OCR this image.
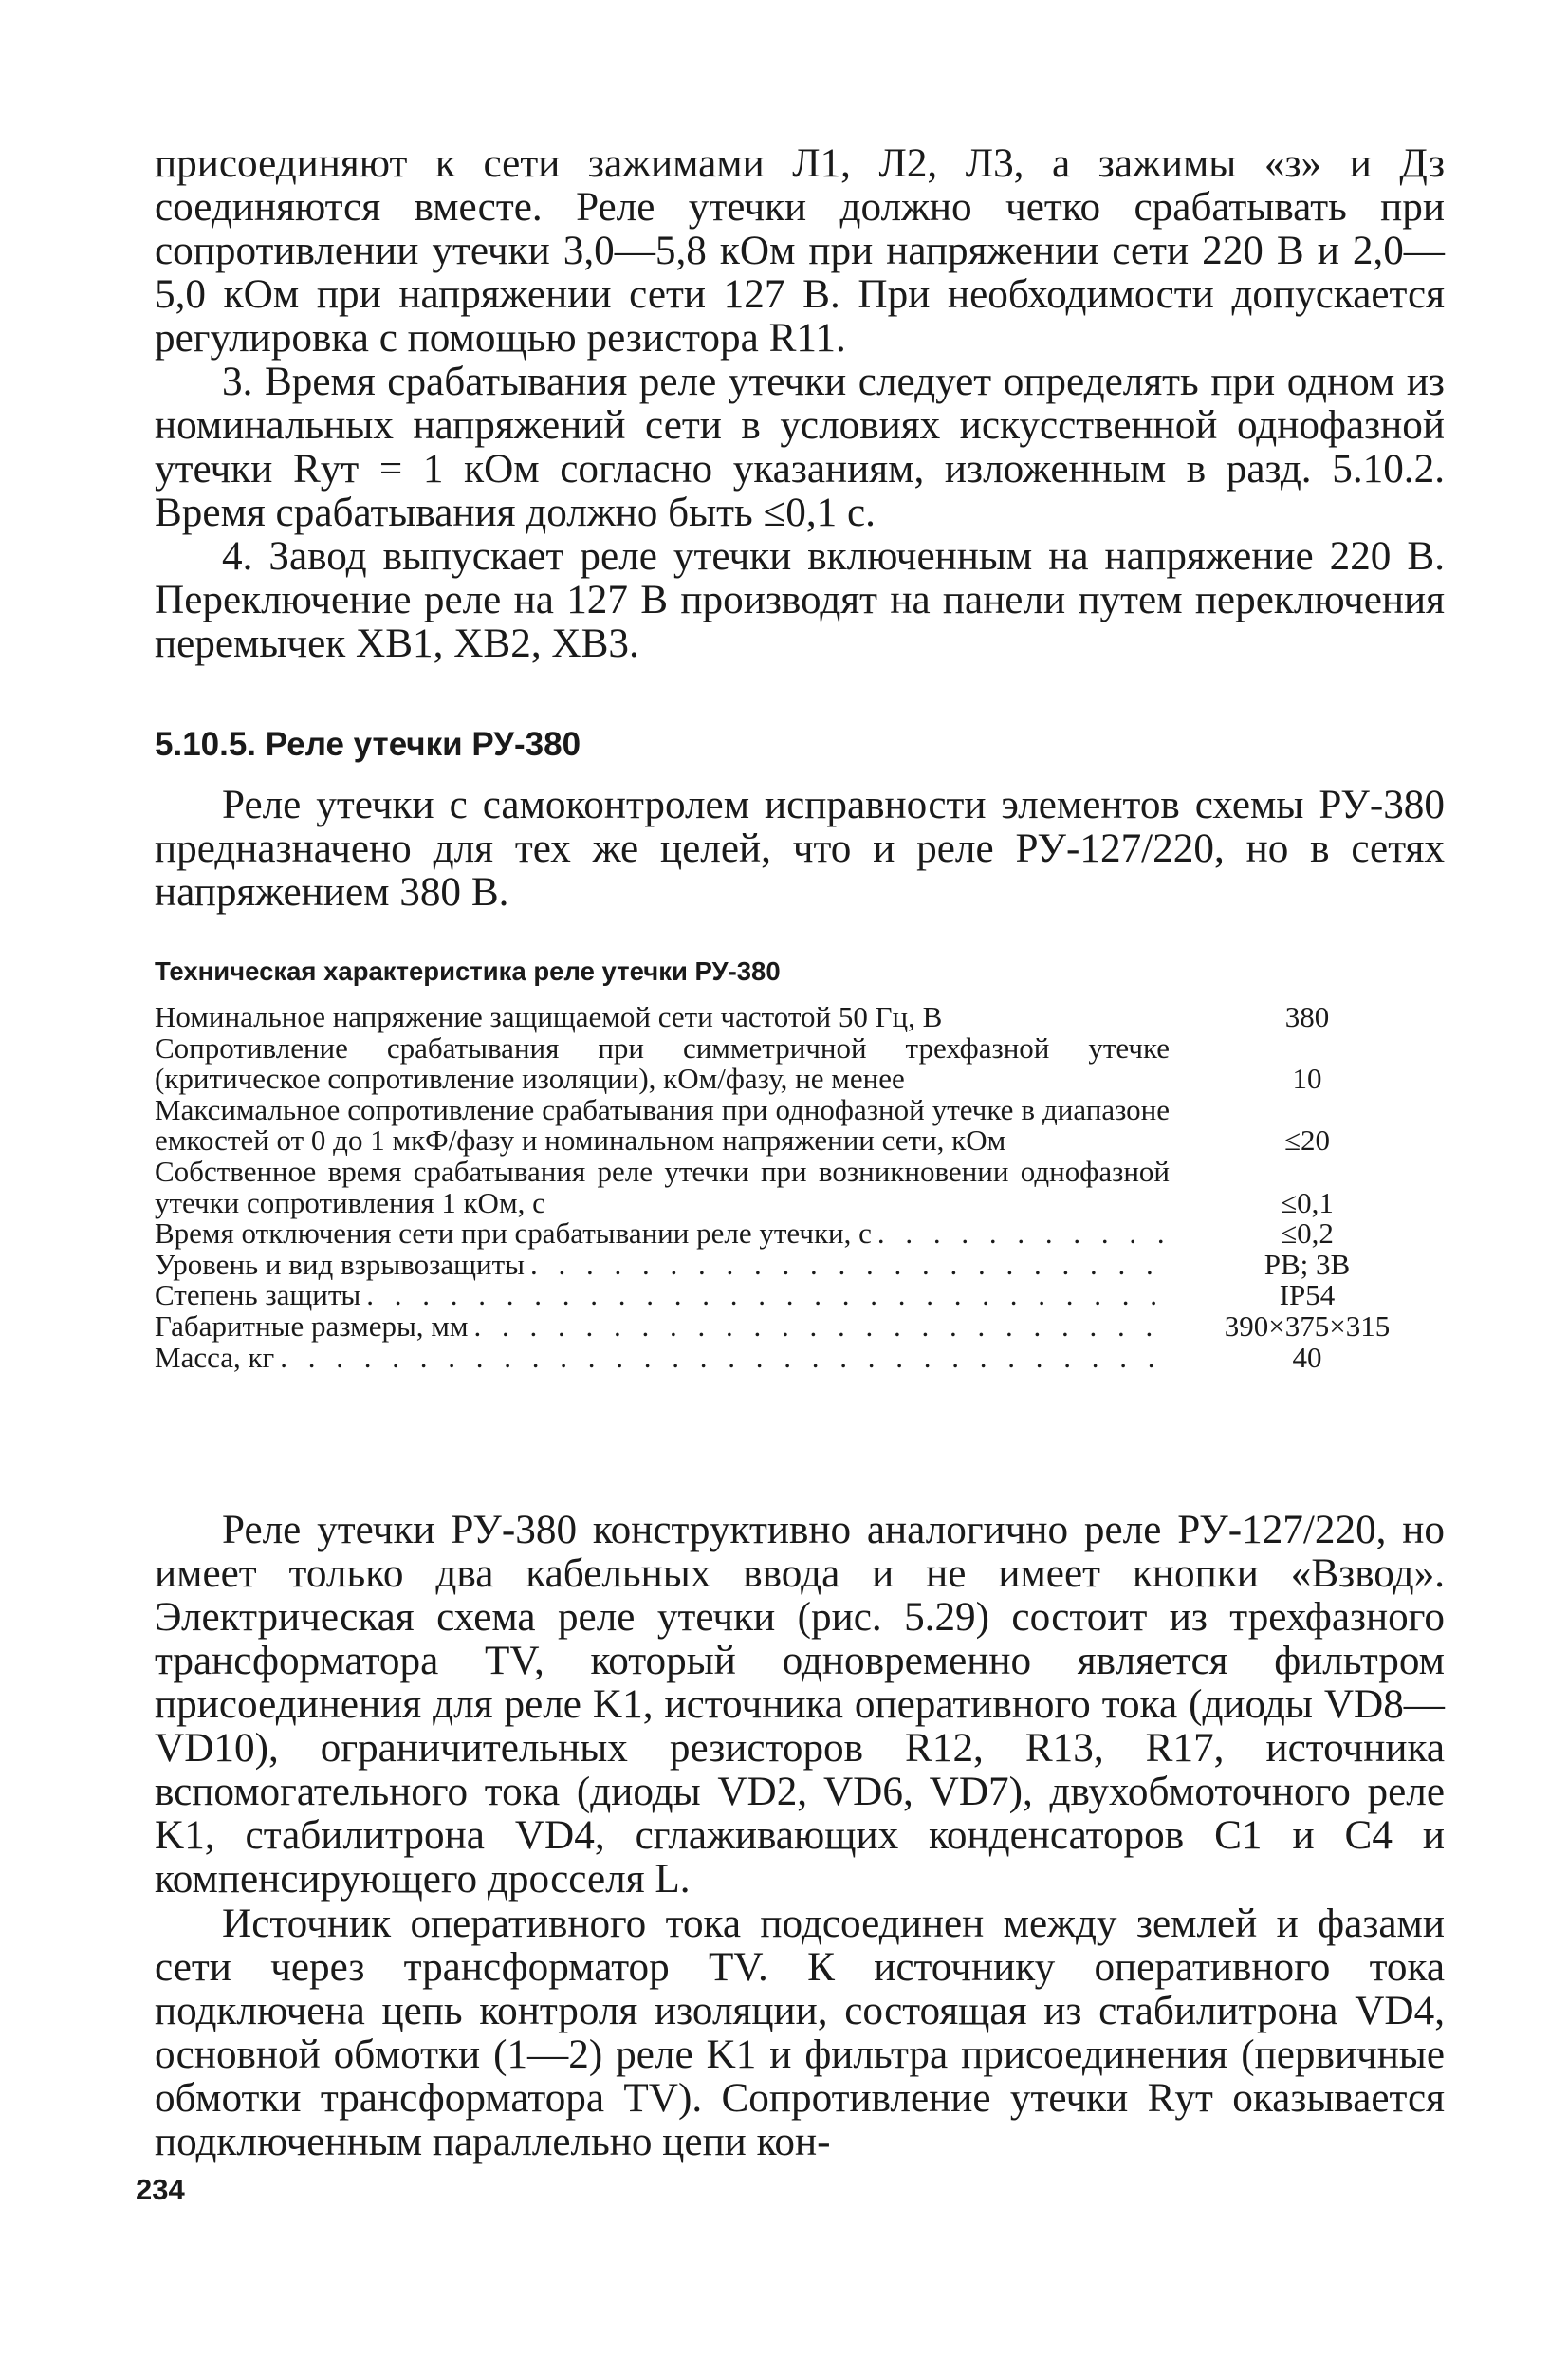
присоединяют к сети зажимами Л1, Л2, Л3, а зажимы «з» и Дз соединяются вместе. Реле утечки должно четко срабатывать при сопротивлении утечки 3,0—5,8 кОм при напряжении сети 220 В и 2,0—5,0 кОм при напряжении сети 127 В. При необходимости допускается регулировка с помощью резистора R11.

3. Время срабатывания реле утечки следует определять при одном из номинальных напряжений сети в условиях искусственной однофазной утечки Rут = 1 кОм согласно указаниям, изложенным в разд. 5.10.2. Время срабатывания должно быть ≤0,1 с.

4. Завод выпускает реле утечки включенным на напряжение 220 В. Переключение реле на 127 В производят на панели путем переключения перемычек XB1, XB2, XB3.

5.10.5. Реле утечки РУ-380

Реле утечки с самоконтролем исправности элементов схемы РУ-380 предназначено для тех же целей, что и реле РУ-127/220, но в сетях напряжением 380 В.

Техническая характеристика реле утечки РУ-380
Номинальное напряжение защищаемой сети частотой 50 Гц, В	380
Сопротивление срабатывания при симметричной трехфазной утечке (критическое сопротивление изоляции), кОм/фазу, не менее	10
Максимальное сопротивление срабатывания при однофазной утечке в диапазоне емкостей от 0 до 1 мкФ/фазу и номинальном напряжении сети, кОм	≤20
Собственное время срабатывания реле утечки при возникновении однофазной утечки сопротивления 1 кОм, с	≤0,1
Время отключения сети при срабатывании реле утечки, с . . .	≤0,2
Уровень и вид взрывозащиты . . .	РВ; 3В
Степень защиты . . .	IP54
Габаритные размеры, мм . . .	390×375×315
Масса, кг . . .	40

Реле утечки РУ-380 конструктивно аналогично реле РУ-127/220, но имеет только два кабельных ввода и не имеет кнопки «Взвод». Электрическая схема реле утечки (рис. 5.29) состоит из трехфазного трансформатора TV, который одновременно является фильтром присоединения для реле K1, источника оперативного тока (диоды VD8—VD10), ограничительных резисторов R12, R13, R17, источника вспомогательного тока (диоды VD2, VD6, VD7), двухобмоточного реле K1, стабилитрона VD4, сглаживающих конденсаторов C1 и C4 и компенсирующего дросселя L.

Источник оперативного тока подсоединен между землей и фазами сети через трансформатор TV. К источнику оперативного тока подключена цепь контроля изоляции, состоящая из стабилитрона VD4, основной обмотки (1—2) реле K1 и фильтра присоединения (первичные обмотки трансформатора TV). Сопротивление утечки Rут оказывается подключенным параллельно цепи кон-

234
